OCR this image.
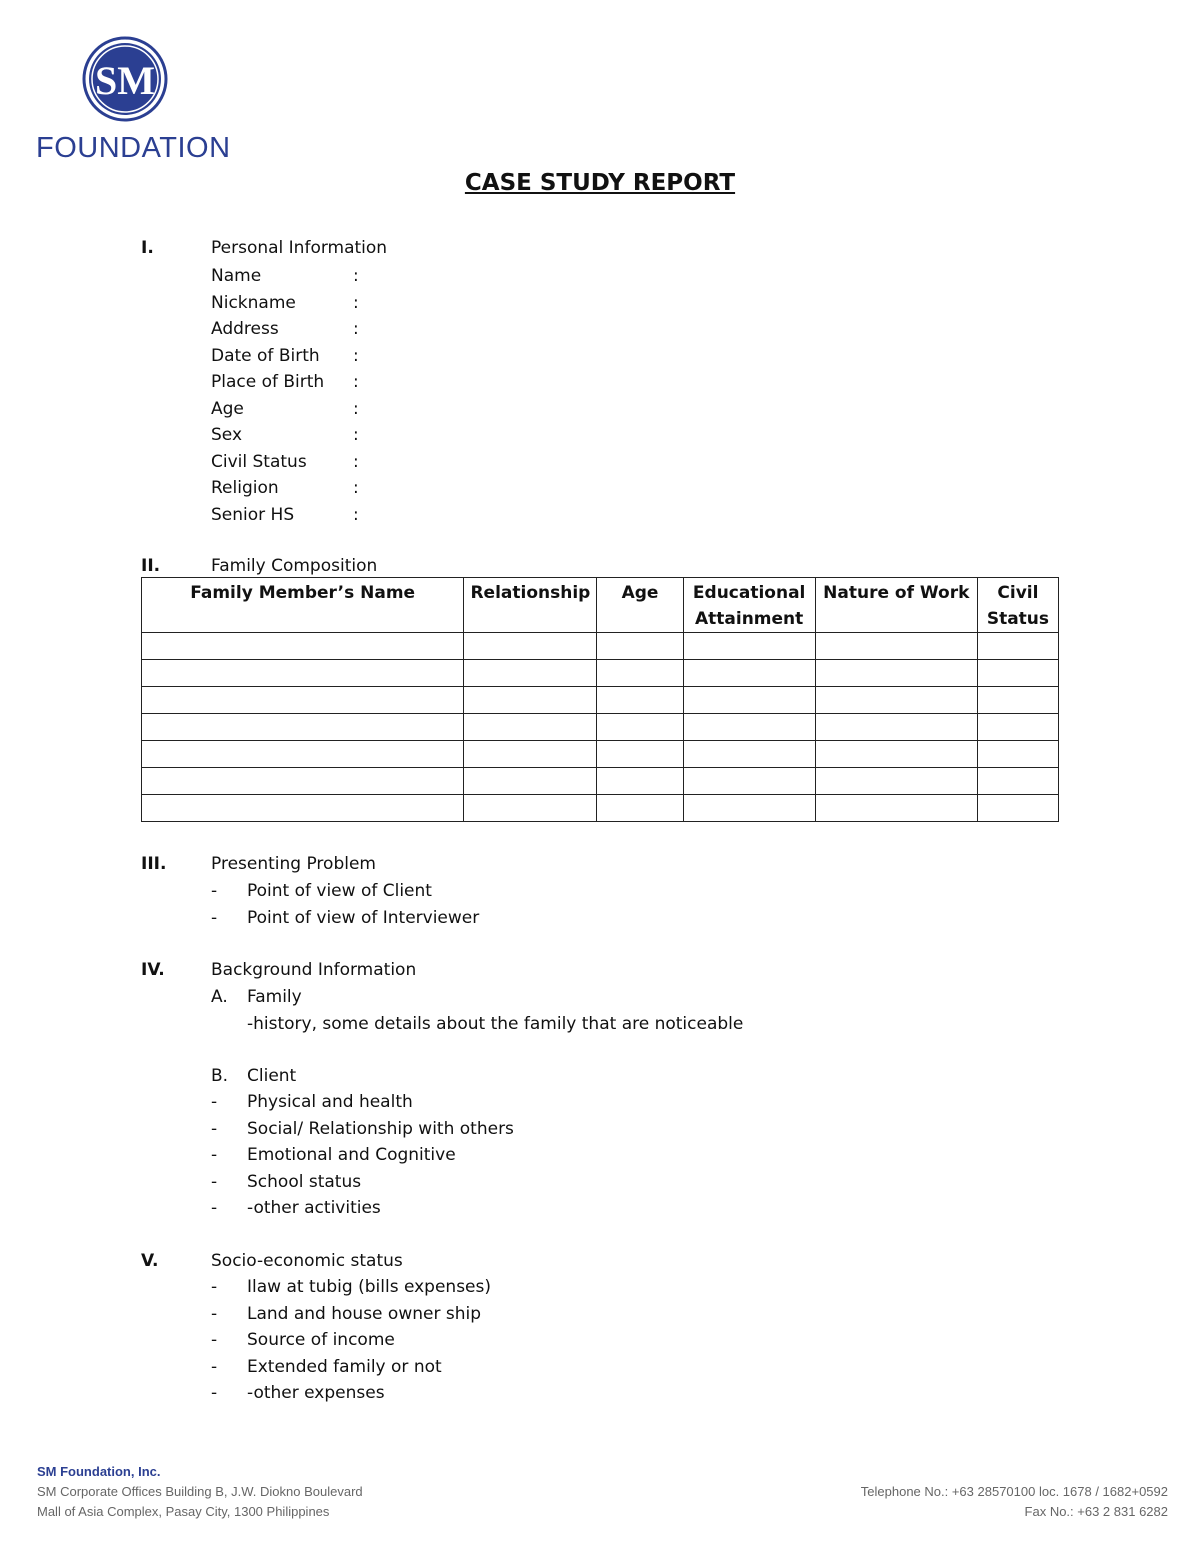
SM
FOUNDATION
CASE STUDY REPORT
I.	Personal Information
Name	:
Nickname	:
Address	:
Date of Birth	:
Place of Birth	:
Age	:
Sex	:
Civil Status	:
Religion	:
Senior HS	:
II.	Family Composition
Family Member’s Name	Relationship	Age	Educational Attainment	Nature of Work	Civil Status

III.	Presenting Problem
-	Point of view of Client
-	Point of view of Interviewer
IV.	Background Information
A.	Family
-history, some details about the family that are noticeable
B.	Client
-	Physical and health
-	Social/ Relationship with others
-	Emotional and Cognitive
-	School status
-	-other activities
V.	Socio-economic status
-	Ilaw at tubig (bills expenses)
-	Land and house owner ship
-	Source of income
-	Extended family or not
-	-other expenses
SM Foundation, Inc.
SM Corporate Offices Building B, J.W. Diokno Boulevard
Mall of Asia Complex, Pasay City, 1300 Philippines
Telephone No.: +63 28570100 loc. 1678 / 1682+0592
Fax No.: +63 2 831 6282
